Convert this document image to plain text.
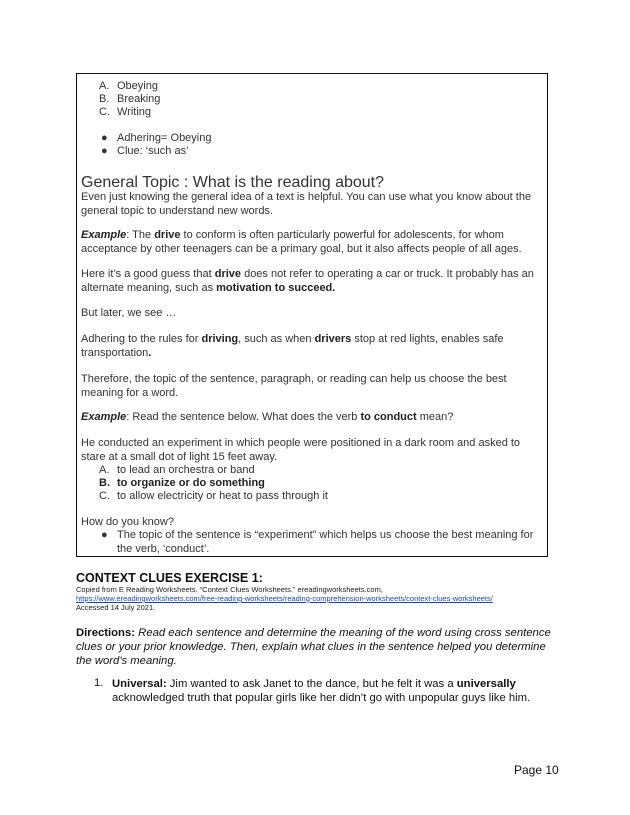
A. Obeying
B. Breaking
C. Writing
● Adhering= Obeying
● Clue: ‘such as’
General Topic : What is the reading about?
Even just knowing the general idea of a text is helpful. You can use what you know about the general topic to understand new words.
Example: The drive to conform is often particularly powerful for adolescents, for whom acceptance by other teenagers can be a primary goal, but it also affects people of all ages.
Here it’s a good guess that drive does not refer to operating a car or truck. It probably has an alternate meaning, such as motivation to succeed.
But later, we see …
Adhering to the rules for driving, such as when drivers stop at red lights, enables safe transportation.
Therefore, the topic of the sentence, paragraph, or reading can help us choose the best meaning for a word.
Example: Read the sentence below. What does the verb to conduct mean?
He conducted an experiment in which people were positioned in a dark room and asked to stare at a small dot of light 15 feet away.
A. to lead an orchestra or band
B. to organize or do something
C. to allow electricity or heat to pass through it
How do you know?
● The topic of the sentence is “experiment” which helps us choose the best meaning for the verb, ‘conduct’.
CONTEXT CLUES EXERCISE 1:
Copied from E Reading Worksheets. “Context Clues Worksheets.” ereadingworksheets.com,
https://www.ereadingworksheets.com/free-reading-worksheets/reading-comprehension-worksheets/context-clues-worksheets/
Accessed 14 July 2021.
Directions: Read each sentence and determine the meaning of the word using cross sentence clues or your prior knowledge. Then, explain what clues in the sentence helped you determine the word's meaning.
1. Universal: Jim wanted to ask Janet to the dance, but he felt it was a universally acknowledged truth that popular girls like her didn’t go with unpopular guys like him.
Page 10
